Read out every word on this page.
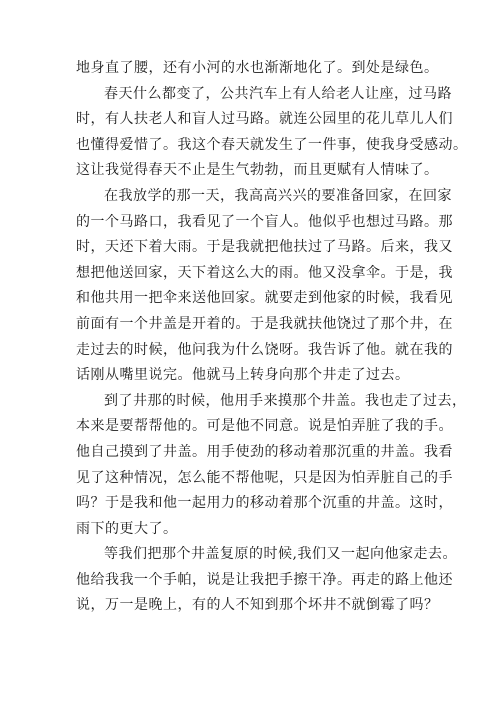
地身直了腰，还有小河的水也渐渐地化了。到处是绿色。
春天什么都变了，公共汽车上有人给老人让座，过马路
时，有人扶老人和盲人过马路。就连公园里的花儿草儿人们
也懂得爱惜了。我这个春天就发生了一件事，使我身受感动。
这让我觉得春天不止是生气勃勃，而且更赋有人情味了。
在我放学的那一天，我高高兴兴的要准备回家，在回家
的一个马路口，我看见了一个盲人。他似乎也想过马路。那
时，天还下着大雨。于是我就把他扶过了马路。后来，我又
想把他送回家，天下着这么大的雨。他又没拿伞。于是，我
和他共用一把伞来送他回家。就要走到他家的时候，我看见
前面有一个井盖是开着的。于是我就扶他饶过了那个井，在
走过去的时候，他问我为什么饶呀。我告诉了他。就在我的
话刚从嘴里说完。他就马上转身向那个井走了过去。
到了井那的时候，他用手来摸那个井盖。我也走了过去，
本来是要帮帮他的。可是他不同意。说是怕弄脏了我的手。
他自己摸到了井盖。用手使劲的移动着那沉重的井盖。我看
见了这种情况，怎么能不帮他呢，只是因为怕弄脏自己的手
吗？于是我和他一起用力的移动着那个沉重的井盖。这时，
雨下的更大了。
等我们把那个井盖复原的时候,我们又一起向他家走去。
他给我我一个手帕，说是让我把手擦干净。再走的路上他还
说，万一是晚上，有的人不知到那个坏井不就倒霉了吗？
